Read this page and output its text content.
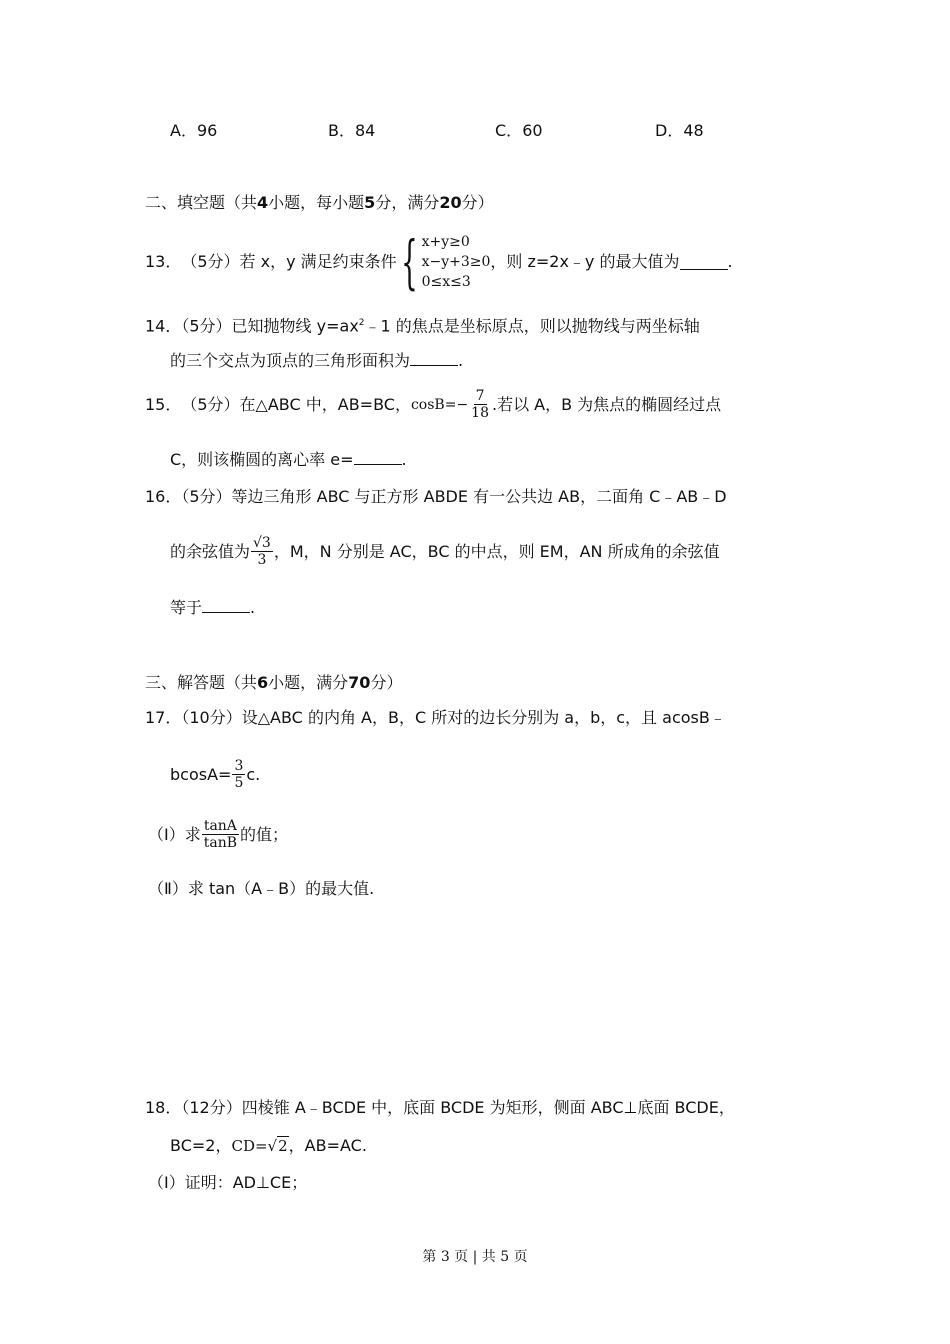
A．96	B．84	C．60	D．48
二、填空题（共4小题，每小题5分，满分20分）
13． （5分）若 x，y 满足约束条件 { x+y≥0
x−y+3≥0
0≤x≤3
，则 z=2x﹣y 的最大值为	.
14．（5分）已知抛物线 $y=ax^2﹣1$ 的焦点是坐标原点，则以抛物线与两坐标轴
的三个交点为顶点的三角形面积为	.
15． （5分）在△ABC 中，AB=BC， $\cos B=- \frac{7}{18}$ .若以 A，B 为焦点的椭圆经过点
C，则该椭圆的离心率 e=	.
16．（5分）等边三角形 ABC 与正方形 ABDE 有一公共边 AB，二面角 C﹣AB﹣D
的余弦值为 $\frac{√3}{3}$ ，M，N 分别是 AC，BC 的中点，则 EM，AN 所成角的余弦值
等于	.
三、解答题（共6小题，满分70分）
17．（10分）设△ABC 的内角 A，B，C 所对的边长分别为 a，b，c，且 acosB﹣
$bcosA= \frac{3}{5} c$.
（Ⅰ）求 $\frac{\tan A}{\tan B}$ 的值；
（Ⅱ）求 tan（A﹣B）的最大值.
18．（12分）四棱锥 A﹣BCDE 中，底面 BCDE 为矩形，侧面 ABC⊥底面 BCDE，
BC=2，CD=√2，AB=AC.
（Ⅰ）证明：AD⊥CE；
第 3 页 | 共 5 页
